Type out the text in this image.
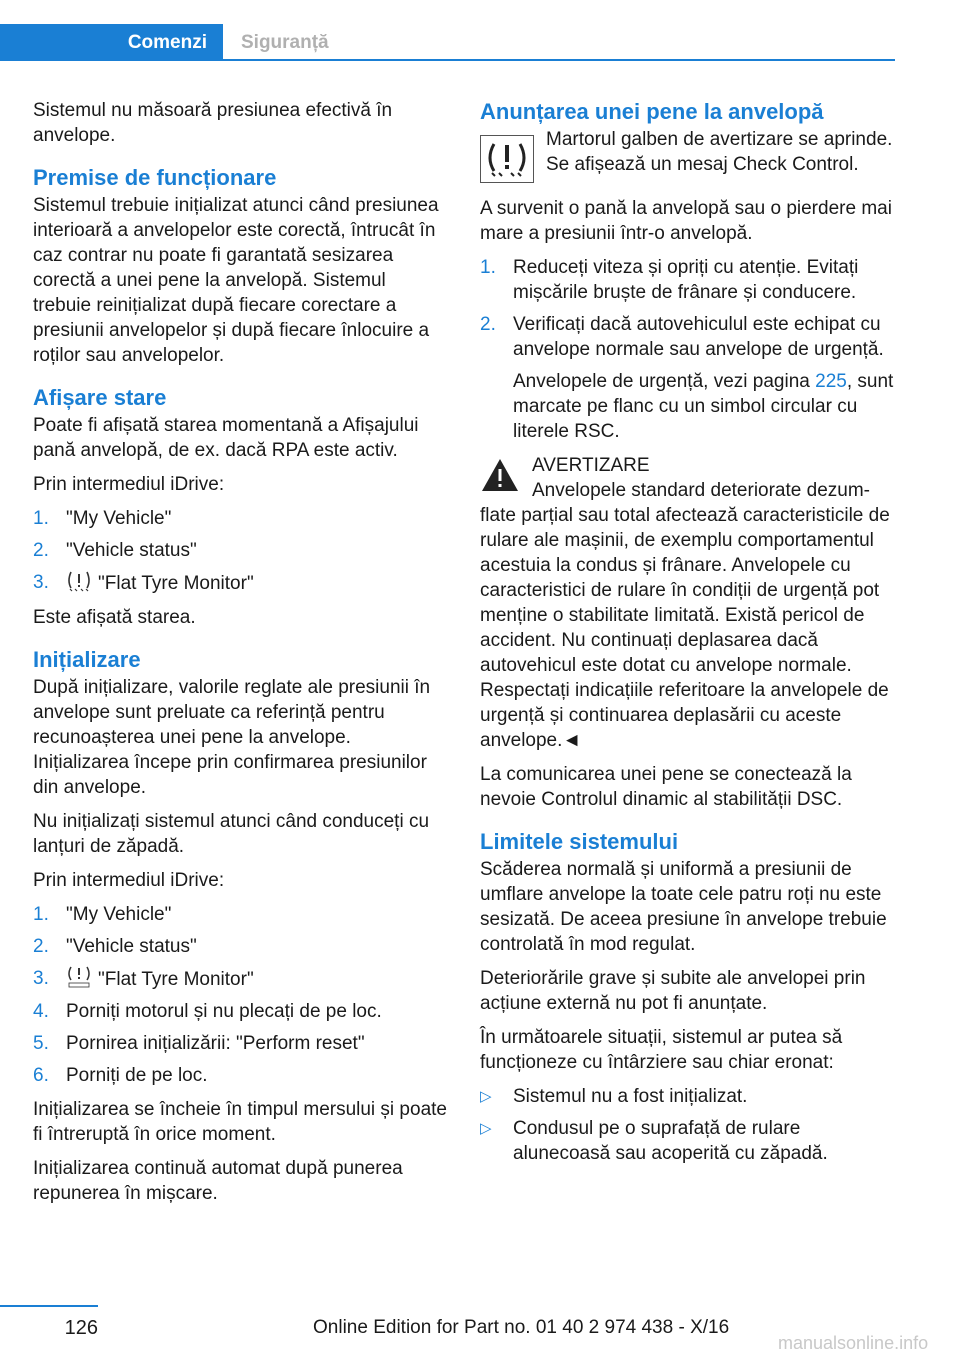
Comenzi Siguranță

Sistemul nu măsoară presiunea efectivă în anvelope.

Premise de funcționare

Sistemul trebuie inițializat atunci când presiunea interioară a anvelopelor este corectă, întrucât în caz contrar nu poate fi garantată sesizarea corectă a unei pene la anvelopă. Sistemul trebuie reinițializat după fiecare corectare a presiunii anvelopelor și după fiecare înlocuire a roților sau anvelopelor.

Afișare stare

Poate fi afișată starea momentană a Afișajului pană anvelopă, de ex. dacă RPA este activ.

Prin intermediul iDrive:

1. "My Vehicle"
2. "Vehicle status"
3.	"Flat Tyre Monitor"

Este afișată starea.

Inițializare

După inițializare, valorile reglate ale presiunii în anvelope sunt preluate ca referință pentru recunoașterea unei pene la anvelope. Inițializarea începe prin confirmarea presiunilor din anvelope.

Nu inițializați sistemul atunci când conduceți cu lanțuri de zăpadă.

Prin intermediul iDrive:

1. "My Vehicle"
2. "Vehicle status"
3.	"Flat Tyre Monitor"
4. Porniți motorul și nu plecați de pe loc.
5. Pornirea inițializării: "Perform reset"
6. Porniți de pe loc.

Inițializarea se încheie în timpul mersului și poate fi întreruptă în orice moment.

Inițializarea continuă automat după punerea repunerea în mișcare.

Anunțarea unei pene la anvelopă
Martorul galben de avertizare se aprinde. Se afișează un mesaj Check Control.

A survenit o pană la anvelopă sau o pierdere mai mare a presiunii într-o anvelopă.

1. Reduceți viteza și opriți cu atenție. Evitați mișcările bruște de frânare și conducere.
2. Verificați dacă autovehiculul este echipat cu anvelope normale sau anvelope de urgență.
Anvelopele de urgență, vezi pagina 225, sunt marcate pe flanc cu un simbol circular cu literele RSC.
AVERTIZARE
Anvelopele standard deteriorate dezum-
flate parțial sau total afectează caracteristicile de rulare ale mașinii, de exemplu comportamentul acestuia la condus și frânare. Anvelopele cu caracteristici de rulare în condiții de urgență pot menține o stabilitate limitată. Există pericol de accident. Nu continuați deplasarea dacă autovehicul este dotat cu anvelope normale. Respectați indicațiile referitoare la anvelopele de urgență și continuarea deplasării cu aceste anvelope.◄

La comunicarea unei pene se conectează la nevoie Controlul dinamic al stabilității DSC.

Limitele sistemului

Scăderea normală și uniformă a presiunii de umflare anvelope la toate cele patru roți nu este sesizată. De aceea presiune în anvelope trebuie controlată în mod regulat.

Deteriorările grave și subite ale anvelopei prin acțiune externă nu pot fi anunțate.

În următoarele situații, sistemul ar putea să funcționeze cu întârziere sau chiar eronat:

▷ Sistemul nu a fost inițializat.
▷ Condusul pe o suprafață de rulare alunecoasă sau acoperită cu zăpadă.
126	Online Edition for Part no. 01 40 2 974 438 - X/16
manualsonline.info
